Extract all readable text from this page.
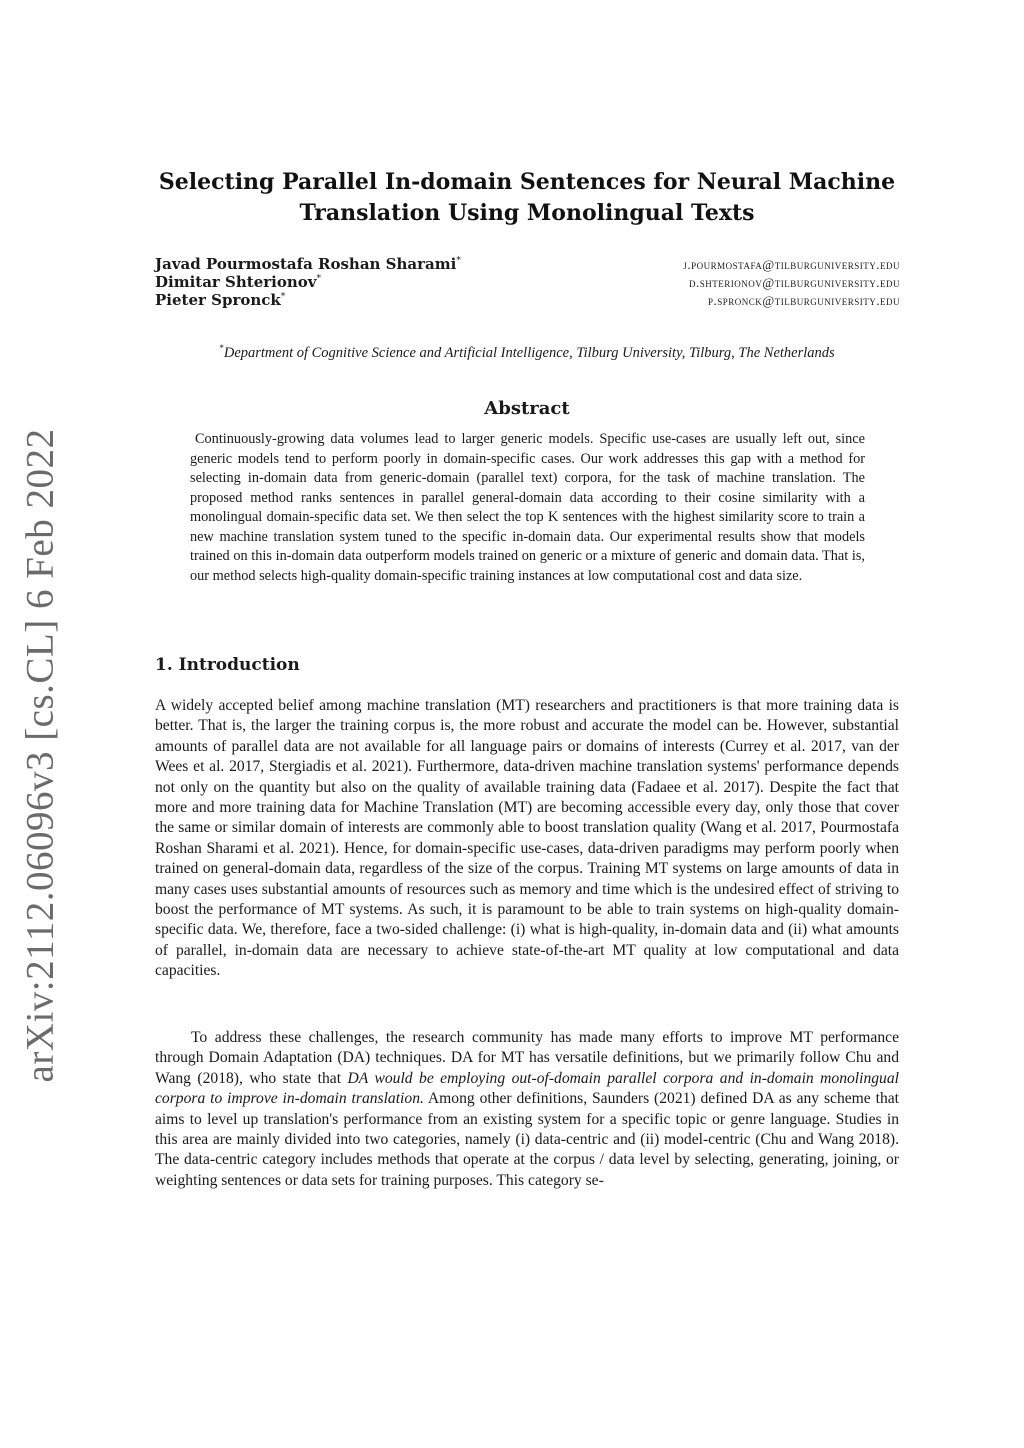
arXiv:2112.06096v3 [cs.CL] 6 Feb 2022
Selecting Parallel In-domain Sentences for Neural Machine
Translation Using Monolingual Texts
Javad Pourmostafa Roshan Sharami*	j.pourmostafa@tilburguniversity.edu
Dimitar Shterionov*	d.shterionov@tilburguniversity.edu
Pieter Spronck*	p.spronck@tilburguniversity.edu
*Department of Cognitive Science and Artificial Intelligence, Tilburg University, Tilburg, The Netherlands
Abstract
Continuously-growing data volumes lead to larger generic models. Specific use-cases are usually left out, since generic models tend to perform poorly in domain-specific cases. Our work addresses this gap with a method for selecting in-domain data from generic-domain (parallel text) corpora, for the task of machine translation. The proposed method ranks sentences in parallel general-domain data according to their cosine similarity with a monolingual domain-specific data set. We then select the top K sentences with the highest similarity score to train a new machine translation system tuned to the specific in-domain data. Our experimental results show that models trained on this in-domain data outperform models trained on generic or a mixture of generic and domain data. That is, our method selects high-quality domain-specific training instances at low computational cost and data size.
1. Introduction

A widely accepted belief among machine translation (MT) researchers and practitioners is that more training data is better. That is, the larger the training corpus is, the more robust and accurate the model can be. However, substantial amounts of parallel data are not available for all language pairs or domains of interests (Currey et al. 2017, van der Wees et al. 2017, Stergiadis et al. 2021). Furthermore, data-driven machine translation systems' performance depends not only on the quantity but also on the quality of available training data (Fadaee et al. 2017). Despite the fact that more and more training data for Machine Translation (MT) are becoming accessible every day, only those that cover the same or similar domain of interests are commonly able to boost translation quality (Wang et al. 2017, Pourmostafa Roshan Sharami et al. 2021). Hence, for domain-specific use-cases, data-driven paradigms may perform poorly when trained on general-domain data, regardless of the size of the corpus. Training MT systems on large amounts of data in many cases uses substantial amounts of resources such as memory and time which is the undesired effect of striving to boost the performance of MT systems. As such, it is paramount to be able to train systems on high-quality domain-specific data. We, therefore, face a two-sided challenge: (i) what is high-quality, in-domain data and (ii) what amounts of parallel, in-domain data are necessary to achieve state-of-the-art MT quality at low computational and data capacities.

To address these challenges, the research community has made many efforts to improve MT performance through Domain Adaptation (DA) techniques. DA for MT has versatile definitions, but we primarily follow Chu and Wang (2018), who state that DA would be employing out-of-domain parallel corpora and in-domain monolingual corpora to improve in-domain translation. Among other definitions, Saunders (2021) defined DA as any scheme that aims to level up translation's performance from an existing system for a specific topic or genre language. Studies in this area are mainly divided into two categories, namely (i) data-centric and (ii) model-centric (Chu and Wang 2018). The data-centric category includes methods that operate at the corpus / data level by selecting, generating, joining, or weighting sentences or data sets for training purposes. This category se-
